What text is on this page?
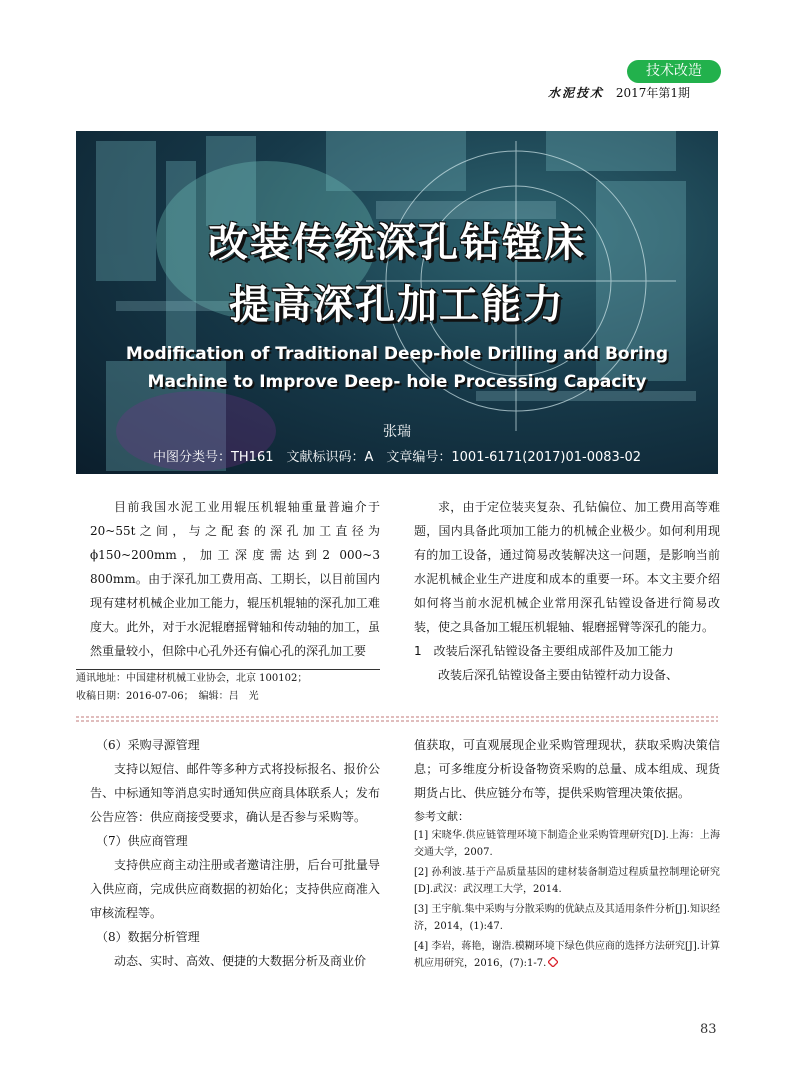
技术改造
水泥技术 2017年第1期
改装传统深孔钻镗床
提高深孔加工能力
Modification of Traditional Deep-hole Drilling and Boring
Machine to Improve Deep- hole Processing Capacity
张瑞
中图分类号：TH161　文献标识码：A　文章编号：1001-6171(2017)01-0083-02

目前我国水泥工业用辊压机辊轴重量普遍介于20~55t之间，与之配套的深孔加工直径为ϕ150~200mm，加工深度需达到2 000~3 800mm。由于深孔加工费用高、工期长，以目前国内现有建材机械企业加工能力，辊压机辊轴的深孔加工难度大。此外，对于水泥辊磨摇臂轴和传动轴的加工，虽然重量较小，但除中心孔外还有偏心孔的深孔加工要

通讯地址：中国建材机械工业协会，北京 100102；
收稿日期：2016-07-06；　编辑：吕　光

求，由于定位装夹复杂、孔钻偏位、加工费用高等难题，国内具备此项加工能力的机械企业极少。如何利用现有的加工设备，通过简易改装解决这一问题，是影响当前水泥机械企业生产进度和成本的重要一环。本文主要介绍如何将当前水泥机械企业常用深孔钻镗设备进行简易改装，使之具备加工辊压机辊轴、辊磨摇臂等深孔的能力。

1　改装后深孔钻镗设备主要组成部件及加工能力

改装后深孔钻镗设备主要由钻镗杆动力设备、

（6）采购寻源管理

支持以短信、邮件等多种方式将投标报名、报价公告、中标通知等消息实时通知供应商具体联系人；发布公告应答：供应商接受要求，确认是否参与采购等。

（7）供应商管理

支持供应商主动注册或者邀请注册，后台可批量导入供应商，完成供应商数据的初始化；支持供应商准入审核流程等。

（8）数据分析管理

动态、实时、高效、便捷的大数据分析及商业价

值获取，可直观展现企业采购管理现状，获取采购决策信息；可多维度分析设备物资采购的总量、成本组成、现货期货占比、供应链分布等，提供采购管理决策依据。

参考文献：

[1] 宋晓华.供应链管理环境下制造企业采购管理研究[D].上海：上海交通大学，2007.

[2] 孙利波.基于产品质量基因的建材装备制造过程质量控制理论研究[D].武汉：武汉理工大学，2014.

[3] 王宇航.集中采购与分散采购的优缺点及其适用条件分析[J].知识经济，2014，(1):47.

[4] 李岩，蒋艳，谢浩.模糊环境下绿色供应商的选择方法研究[J].计算机应用研究，2016，(7):1-7.

83
